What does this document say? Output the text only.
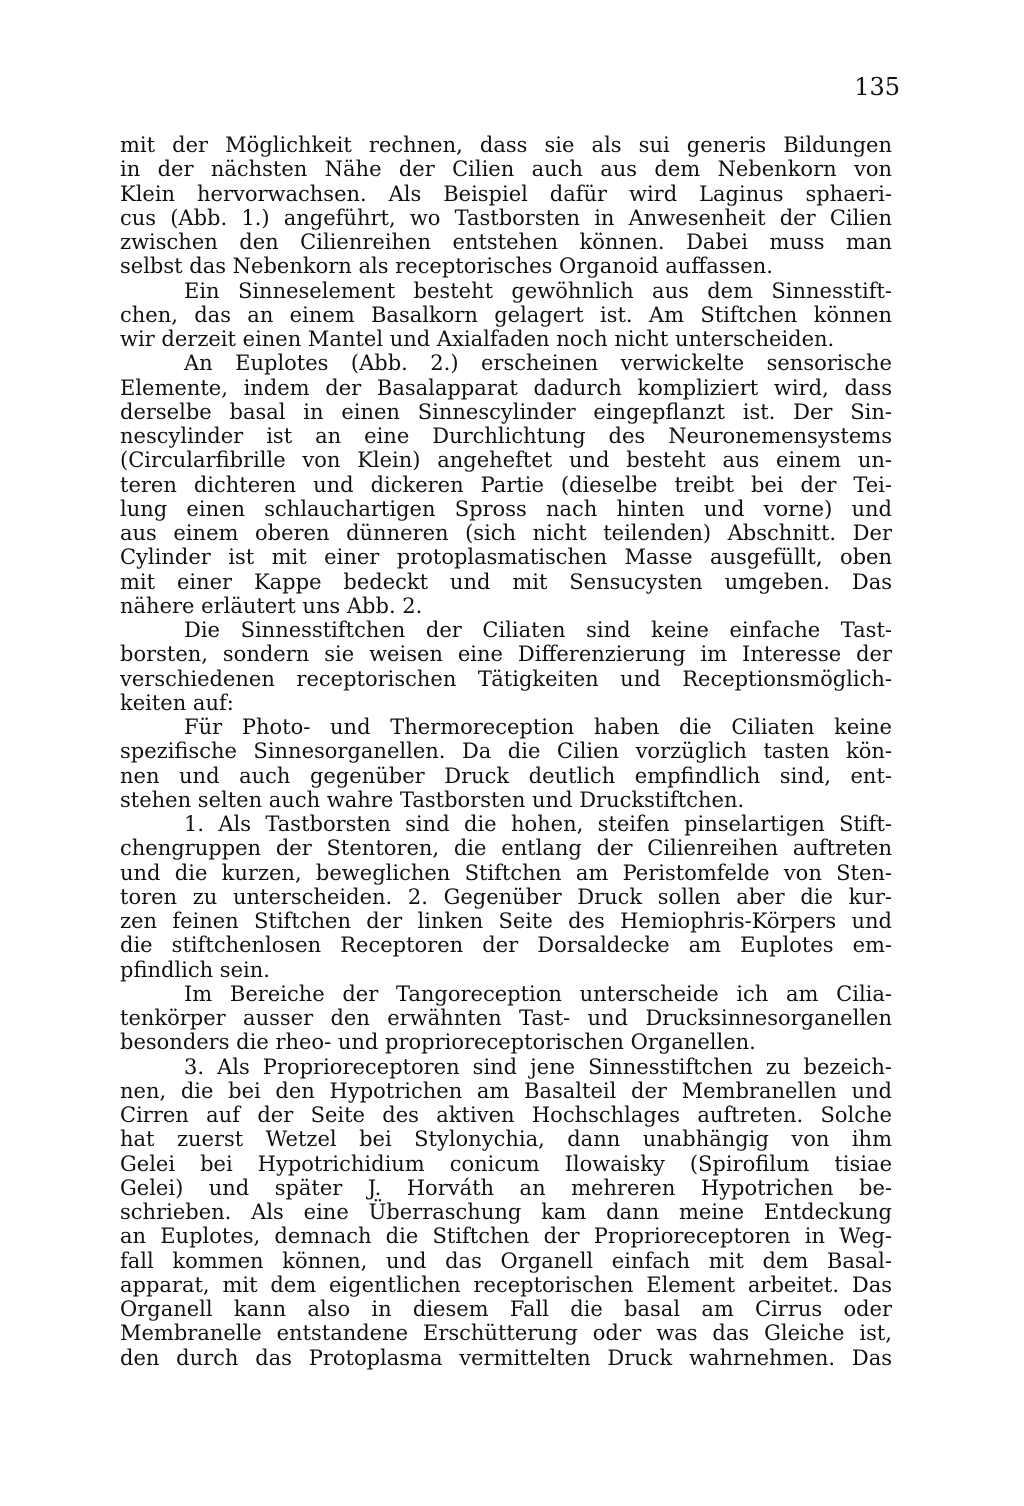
135
mit der Möglichkeit rechnen, dass sie als sui generis Bildungen
in der nächsten Nähe der Cilien auch aus dem Nebenkorn von
Klein hervorwachsen. Als Beispiel dafür wird Laginus sphaeri-
cus (Abb. 1.) angeführt, wo Tastborsten in Anwesenheit der Cilien
zwischen den Cilienreihen entstehen können. Dabei muss man
selbst das Nebenkorn als receptorisches Organoid auffassen.
Ein Sinneselement besteht gewöhnlich aus dem Sinnesstift-
chen, das an einem Basalkorn gelagert ist. Am Stiftchen können
wir derzeit einen Mantel und Axialfaden noch nicht unterscheiden.
An Euplotes (Abb. 2.) erscheinen verwickelte sensorische
Elemente, indem der Basalapparat dadurch kompliziert wird, dass
derselbe basal in einen Sinnescylinder eingepflanzt ist. Der Sin-
nescylinder ist an eine Durchlichtung des Neuronemensystems
(Circularfibrille von Klein) angeheftet und besteht aus einem un-
teren dichteren und dickeren Partie (dieselbe treibt bei der Tei-
lung einen schlauchartigen Spross nach hinten und vorne) und
aus einem oberen dünneren (sich nicht teilenden) Abschnitt. Der
Cylinder ist mit einer protoplasmatischen Masse ausgefüllt, oben
mit einer Kappe bedeckt und mit Sensucysten umgeben. Das
nähere erläutert uns Abb. 2.
Die Sinnesstiftchen der Ciliaten sind keine einfache Tast-
borsten, sondern sie weisen eine Differenzierung im Interesse der
verschiedenen receptorischen Tätigkeiten und Receptionsmöglich-
keiten auf:
Für Photo- und Thermoreception haben die Ciliaten keine
spezifische Sinnesorganellen. Da die Cilien vorzüglich tasten kön-
nen und auch gegenüber Druck deutlich empfindlich sind, ent-
stehen selten auch wahre Tastborsten und Druckstiftchen.
1. Als Tastborsten sind die hohen, steifen pinselartigen Stift-
chengruppen der Stentoren, die entlang der Cilienreihen auftreten
und die kurzen, beweglichen Stiftchen am Peristomfelde von Sten-
toren zu unterscheiden. 2. Gegenüber Druck sollen aber die kur-
zen feinen Stiftchen der linken Seite des Hemiophris-Körpers und
die stiftchenlosen Receptoren der Dorsaldecke am Euplotes em-
pfindlich sein.
Im Bereiche der Tangoreception unterscheide ich am Cilia-
tenkörper ausser den erwähnten Tast- und Drucksinnesorganellen
besonders die rheo- und proprioreceptorischen Organellen.
3. Als Proprioreceptoren sind jene Sinnesstiftchen zu bezeich-
nen, die bei den Hypotrichen am Basalteil der Membranellen und
Cirren auf der Seite des aktiven Hochschlages auftreten. Solche
hat zuerst Wetzel bei Stylonychia, dann unabhängig von ihm
Gelei bei Hypotrichidium conicum Ilowaisky (Spirofilum tisiae
Gelei) und später J. Horváth an mehreren Hypotrichen be-
schrieben. Als eine Überraschung kam dann meine Entdeckung
an Euplotes, demnach die Stiftchen der Proprioreceptoren in Weg-
fall kommen können, und das Organell einfach mit dem Basal-
apparat, mit dem eigentlichen receptorischen Element arbeitet. Das
Organell kann also in diesem Fall die basal am Cirrus oder
Membranelle entstandene Erschütterung oder was das Gleiche ist,
den durch das Protoplasma vermittelten Druck wahrnehmen. Das
